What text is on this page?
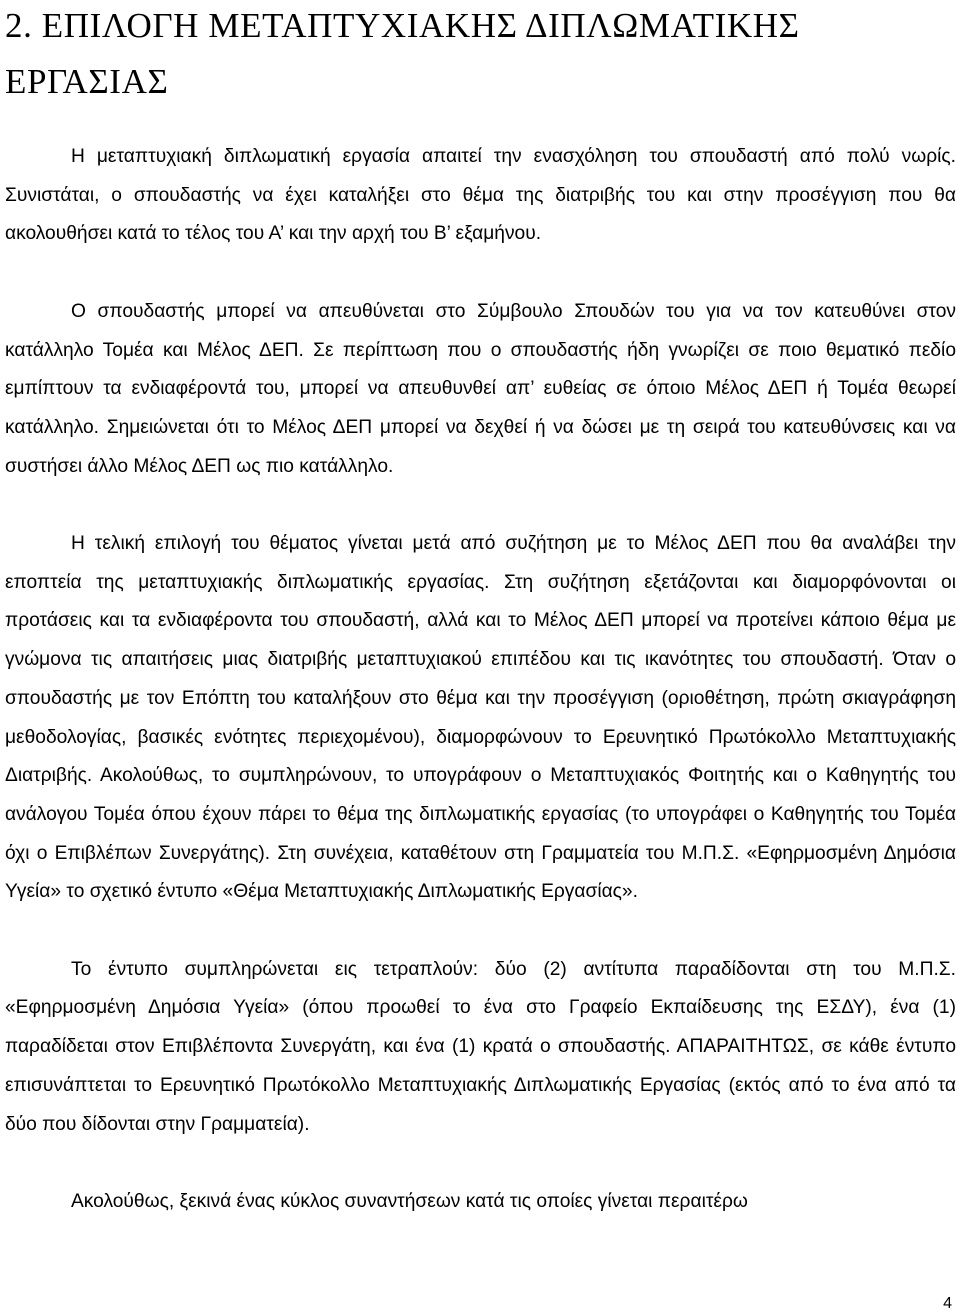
2. ΕΠΙΛΟΓΗ ΜΕΤΑΠΤΥΧΙΑΚΗΣ ΔΙΠΛΩΜΑΤΙΚΗΣ ΕΡΓΑΣΙΑΣ

Η μεταπτυχιακή διπλωματική εργασία απαιτεί την ενασχόληση του σπουδαστή από πολύ νωρίς. Συνιστάται, ο σπουδαστής να έχει καταλήξει στο θέμα της διατριβής του και στην προσέγγιση που θα ακολουθήσει κατά το τέλος του Α’ και την αρχή του Β’ εξαμήνου.

Ο σπουδαστής μπορεί να απευθύνεται στο Σύμβουλο Σπουδών του για να τον κατευθύνει στον κατάλληλο Τομέα και Μέλος ΔΕΠ. Σε περίπτωση που ο σπουδαστής ήδη γνωρίζει σε ποιο θεματικό πεδίο εμπίπτουν τα ενδιαφέροντά του, μπορεί να απευθυνθεί απ’ ευθείας σε όποιο Μέλος ΔΕΠ ή Τομέα θεωρεί κατάλληλο. Σημειώνεται ότι το Μέλος ΔΕΠ μπορεί να δεχθεί ή να δώσει με τη σειρά του κατευθύνσεις και να συστήσει άλλο Μέλος ΔΕΠ ως πιο κατάλληλο.

Η τελική επιλογή του θέματος γίνεται μετά από συζήτηση με το Μέλος ΔΕΠ που θα αναλάβει την εποπτεία της μεταπτυχιακής διπλωματικής εργασίας. Στη συζήτηση εξετάζονται και διαμορφόνονται οι προτάσεις και τα ενδιαφέροντα του σπουδαστή, αλλά και το Μέλος ΔΕΠ μπορεί να προτείνει κάποιο θέμα με γνώμονα τις απαιτήσεις μιας διατριβής μεταπτυχιακού επιπέδου και τις ικανότητες του σπουδαστή. Όταν ο σπουδαστής με τον Επόπτη του καταλήξουν στο θέμα και την προσέγγιση (οριοθέτηση, πρώτη σκιαγράφηση μεθοδολογίας, βασικές ενότητες περιεχομένου), διαμορφώνουν το Ερευνητικό Πρωτόκολλο Μεταπτυχιακής Διατριβής. Ακολούθως, το συμπληρώνουν, το υπογράφουν ο Μεταπτυχιακός Φοιτητής και ο Καθηγητής του ανάλογου Τομέα όπου έχουν πάρει το θέμα της διπλωματικής εργασίας (το υπογράφει ο Καθηγητής του Τομέα όχι ο Επιβλέπων Συνεργάτης). Στη συνέχεια, καταθέτουν στη Γραμματεία του Μ.Π.Σ. «Εφηρμοσμένη Δημόσια Υγεία» το σχετικό έντυπο «Θέμα Μεταπτυχιακής Διπλωματικής Εργασίας».

Το έντυπο συμπληρώνεται εις τετραπλούν: δύο (2) αντίτυπα παραδίδονται στη του Μ.Π.Σ. «Εφηρμοσμένη Δημόσια Υγεία» (όπου προωθεί το ένα στο Γραφείο Εκπαίδευσης της ΕΣΔΥ), ένα (1) παραδίδεται στον Επιβλέποντα Συνεργάτη, και ένα (1) κρατά ο σπουδαστής. ΑΠΑΡΑΙΤΗΤΩΣ, σε κάθε έντυπο επισυνάπτεται το Ερευνητικό Πρωτόκολλο Μεταπτυχιακής Διπλωματικής Εργασίας (εκτός από το ένα από τα δύο που δίδονται στην Γραμματεία).

Ακολούθως, ξεκινά ένας κύκλος συναντήσεων κατά τις οποίες γίνεται περαιτέρω

4
